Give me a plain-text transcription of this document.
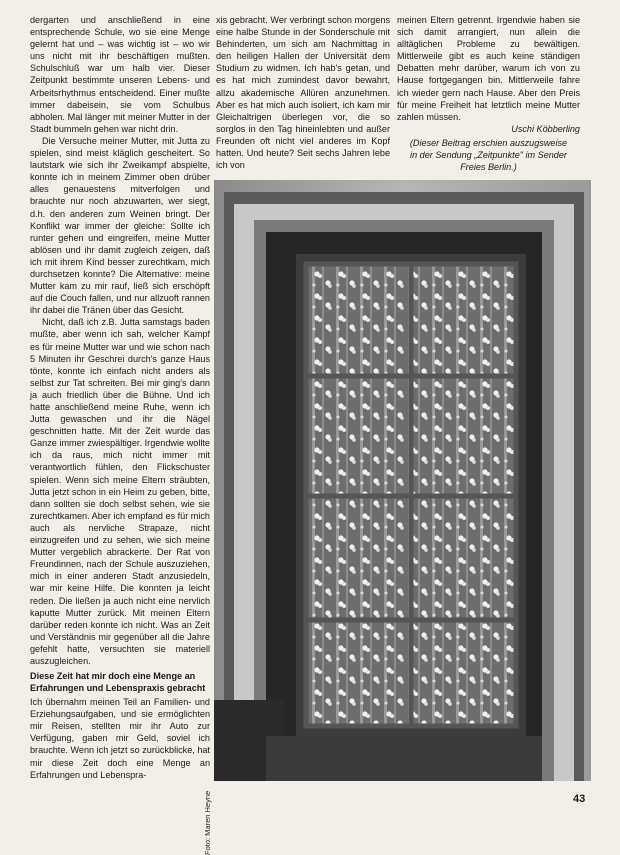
dergarten und anschließend in eine entsprechende Schule, wo sie eine Menge gelernt hat und – was wichtig ist – wo wir uns nicht mit ihr beschäftigen mußten. Schulschluß war um halb vier. Dieser Zeitpunkt bestimmte unseren Lebens- und Arbeitsrhythmus entscheidend. Einer mußte immer dabeisein, sie vom Schulbus abholen. Mal länger mit meiner Mutter in der Stadt bummeln gehen war nicht drin.

Die Versuche meiner Mutter, mit Jutta zu spielen, sind meist kläglich gescheitert. So lautstark wie sich ihr Zweikampf abspielte, konnte ich in meinem Zimmer oben drüber alles genauestens mitverfolgen und brauchte nur noch abzuwarten, wer siegt, d.h. den anderen zum Weinen bringt. Der Konflikt war immer der gleiche: Sollte ich runter gehen und eingreifen, meine Mutter ablösen und ihr damit zugleich zeigen, daß ich mit ihrem Kind besser zurechtkam, mich durchsetzen konnte? Die Alternative: meine Mutter kam zu mir rauf, ließ sich erschöpft auf die Couch fallen, und nur allzuoft rannen ihr dabei die Tränen über das Gesicht.

Nicht, daß ich z.B. Jutta samstags baden mußte, aber wenn ich sah, welcher Kampf es für meine Mutter war und wie schon nach 5 Minuten ihr Geschrei durch's ganze Haus tönte, konnte ich einfach nicht anders als selbst zur Tat schreiten. Bei mir ging's dann ja auch friedlich über die Bühne. Und ich hatte anschließend meine Ruhe, wenn ich Jutta gewaschen und ihr die Nägel geschnitten hatte. Mit der Zeit wurde das Ganze immer zwiespältiger. Irgendwie wollte ich da raus, mich nicht immer mit verantwortlich fühlen, den Flickschuster spielen. Wenn sich meine Eltern sträubten, Jutta jetzt schon in ein Heim zu geben, bitte, dann sollten sie doch selbst sehen, wie sie zurechtkamen. Aber ich empfand es für mich auch als nervliche Strapaze, nicht einzugreifen und zu sehen, wie sich meine Mutter vergeblich abrackerte. Der Rat von Freundinnen, nach der Schule auszuziehen, mich in einer anderen Stadt anzusiedeln, war mir keine Hilfe. Die konnten ja leicht reden. Die ließen ja auch nicht eine nervlich kaputte Mutter zurück. Mit meinen Eltern darüber reden konnte ich nicht. Was an Zeit und Verständnis mir gegenüber all die Jahre gefehlt hatte, versuchten sie materiell auszugleichen.

Diese Zeit hat mir doch eine Menge an
Erfahrungen und Lebenspraxis gebracht

Ich übernahm meinen Teil an Familien- und Erziehungsaufgaben, und sie ermöglichten mir Reisen, stellten mir ihr Auto zur Verfügung, gaben mir Geld, soviel ich brauchte. Wenn ich jetzt so zurückblicke, hat mir diese Zeit doch eine Menge an Erfahrungen und Lebenspra-

xis gebracht. Wer verbringt schon morgens eine halbe Stunde in der Sonderschule mit Behinderten, um sich am Nachmittag in den heiligen Hallen der Universität dem Studium zu widmen. Ich hab's getan, und es hat mich zumindest davor bewahrt, allzu akademische Allüren anzunehmen. Aber es hat mich auch isoliert, ich kam mir Gleichaltrigen überlegen vor, die so sorglos in den Tag hineinlebten und außer Freunden oft nicht viel anderes im Kopf hatten. Und heute? Seit sechs Jahren lebe ich von

meinen Eltern getrennt. Irgendwie haben sie sich damit arrangiert, nun allein die alltäglichen Probleme zu bewältigen. Mittlerweile gibt es auch keine ständigen Debatten mehr darüber, warum ich von zu Hause fortgegangen bin. Mittlerweile fahre ich wieder gern nach Hause. Aber den Preis für meine Freiheit hat letztlich meine Mutter zahlen müssen.

Uschi Köbberling

(Dieser Beitrag erschien auszugsweise
in der Sendung „Zeitpunkte" im Sender
Freies Berlin.)
Foto: Maren Heyne	43
